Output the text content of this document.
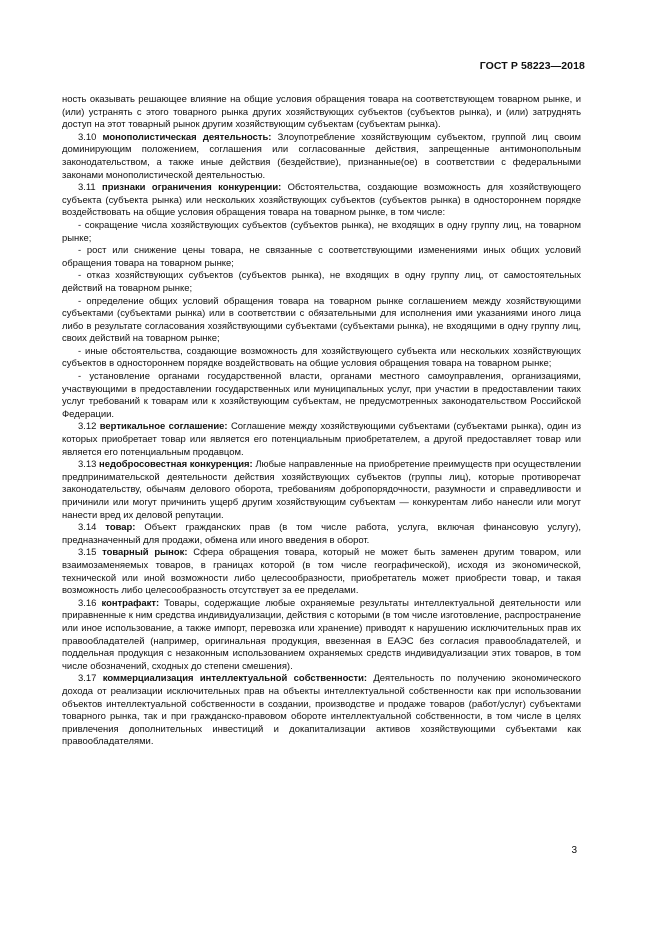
ГОСТ Р 58223—2018

ность оказывать решающее влияние на общие условия обращения товара на соответствующем товарном рынке, и (или) устранять с этого товарного рынка других хозяйствующих субъектов (субъектов рынка), и (или) затруднять доступ на этот товарный рынок другим хозяйствующим субъектам (субъектам рынка).

3.10 монополистическая деятельность: Злоупотребление хозяйствующим субъектом, группой лиц своим доминирующим положением, соглашения или согласованные действия, запрещенные антимонопольным законодательством, а также иные действия (бездействие), признанные(ое) в соответствии с федеральными законами монополистической деятельностью.

3.11 признаки ограничения конкуренции: Обстоятельства, создающие возможность для хозяйствующего субъекта (субъекта рынка) или нескольких хозяйствующих субъектов (субъектов рынка) в одностороннем порядке воздействовать на общие условия обращения товара на товарном рынке, в том числе:

- сокращение числа хозяйствующих субъектов (субъектов рынка), не входящих в одну группу лиц, на товарном рынке;

- рост или снижение цены товара, не связанные с соответствующими изменениями иных общих условий обращения товара на товарном рынке;

- отказ хозяйствующих субъектов (субъектов рынка), не входящих в одну группу лиц, от самостоятельных действий на товарном рынке;

- определение общих условий обращения товара на товарном рынке соглашением между хозяйствующими субъектами (субъектами рынка) или в соответствии с обязательными для исполнения ими указаниями иного лица либо в результате согласования хозяйствующими субъектами (субъектами рынка), не входящими в одну группу лиц, своих действий на товарном рынке;

- иные обстоятельства, создающие возможность для хозяйствующего субъекта или нескольких хозяйствующих субъектов в одностороннем порядке воздействовать на общие условия обращения товара на товарном рынке;

- установление органами государственной власти, органами местного самоуправления, организациями, участвующими в предоставлении государственных или муниципальных услуг, при участии в предоставлении таких услуг требований к товарам или к хозяйствующим субъектам, не предусмотренных законодательством Российской Федерации.

3.12 вертикальное соглашение: Соглашение между хозяйствующими субъектами (субъектами рынка), один из которых приобретает товар или является его потенциальным приобретателем, а другой предоставляет товар или является его потенциальным продавцом.

3.13 недобросовестная конкуренция: Любые направленные на приобретение преимуществ при осуществлении предпринимательской деятельности действия хозяйствующих субъектов (группы лиц), которые противоречат законодательству, обычаям делового оборота, требованиям добропорядочности, разумности и справедливости и причинили или могут причинить ущерб другим хозяйствующим субъектам — конкурентам либо нанесли или могут нанести вред их деловой репутации.

3.14 товар: Объект гражданских прав (в том числе работа, услуга, включая финансовую услугу), предназначенный для продажи, обмена или иного введения в оборот.

3.15 товарный рынок: Сфера обращения товара, который не может быть заменен другим товаром, или взаимозаменяемых товаров, в границах которой (в том числе географической), исходя из экономической, технической или иной возможности либо целесообразности, приобретатель может приобрести товар, и такая возможность либо целесообразность отсутствует за ее пределами.

3.16 контрафакт: Товары, содержащие любые охраняемые результаты интеллектуальной деятельности или приравненные к ним средства индивидуализации, действия с которыми (в том числе изготовление, распространение или иное использование, а также импорт, перевозка или хранение) приводят к нарушению исключительных прав их правообладателей (например, оригинальная продукция, ввезенная в ЕАЭС без согласия правообладателей, и поддельная продукция с незаконным использованием охраняемых средств индивидуализации этих товаров, в том числе обозначений, сходных до степени смешения).

3.17 коммерциализация интеллектуальной собственности: Деятельность по получению экономического дохода от реализации исключительных прав на объекты интеллектуальной собственности как при использовании объектов интеллектуальной собственности в создании, производстве и продаже товаров (работ/услуг) субъектами товарного рынка, так и при гражданско-правовом обороте интеллектуальной собственности, в том числе в целях привлечения дополнительных инвестиций и докапитализации активов хозяйствующими субъектами как правообладателями.

3
